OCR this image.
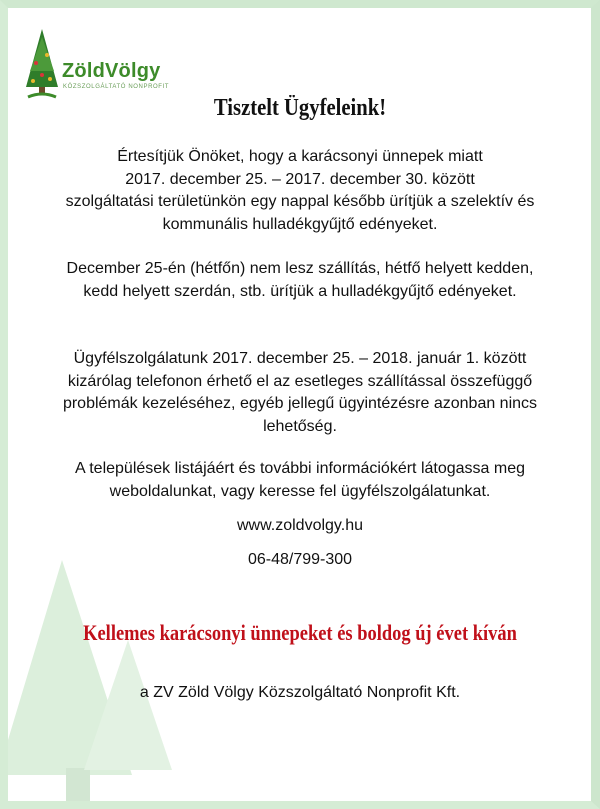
ZöldVölgy
KÖZSZOLGÁLTATÓ NONPROFIT
Tisztelt Ügyfeleink!
Értesítjük Önöket, hogy a karácsonyi ünnepek miatt
2017. december 25. – 2017. december 30. között
szolgáltatási területünkön egy nappal később ürítjük a szelektív és
kommunális hulladékgyűjtő edényeket.
December 25-én (hétfőn) nem lesz szállítás, hétfő helyett kedden,
kedd helyett szerdán, stb. ürítjük a hulladékgyűjtő edényeket.
Ügyfélszolgálatunk 2017. december 25. – 2018. január 1. között
kizárólag telefonon érhető el az esetleges szállítással összefüggő
problémák kezeléséhez, egyéb jellegű ügyintézésre azonban nincs
lehetőség.
A települések listájáért és további információkért látogassa meg
weboldalunkat, vagy keresse fel ügyfélszolgálatunkat.
www.zoldvolgy.hu
06-48/799-300
Kellemes karácsonyi ünnepeket és boldog új évet kíván
a ZV Zöld Völgy Közszolgáltató Nonprofit Kft.
